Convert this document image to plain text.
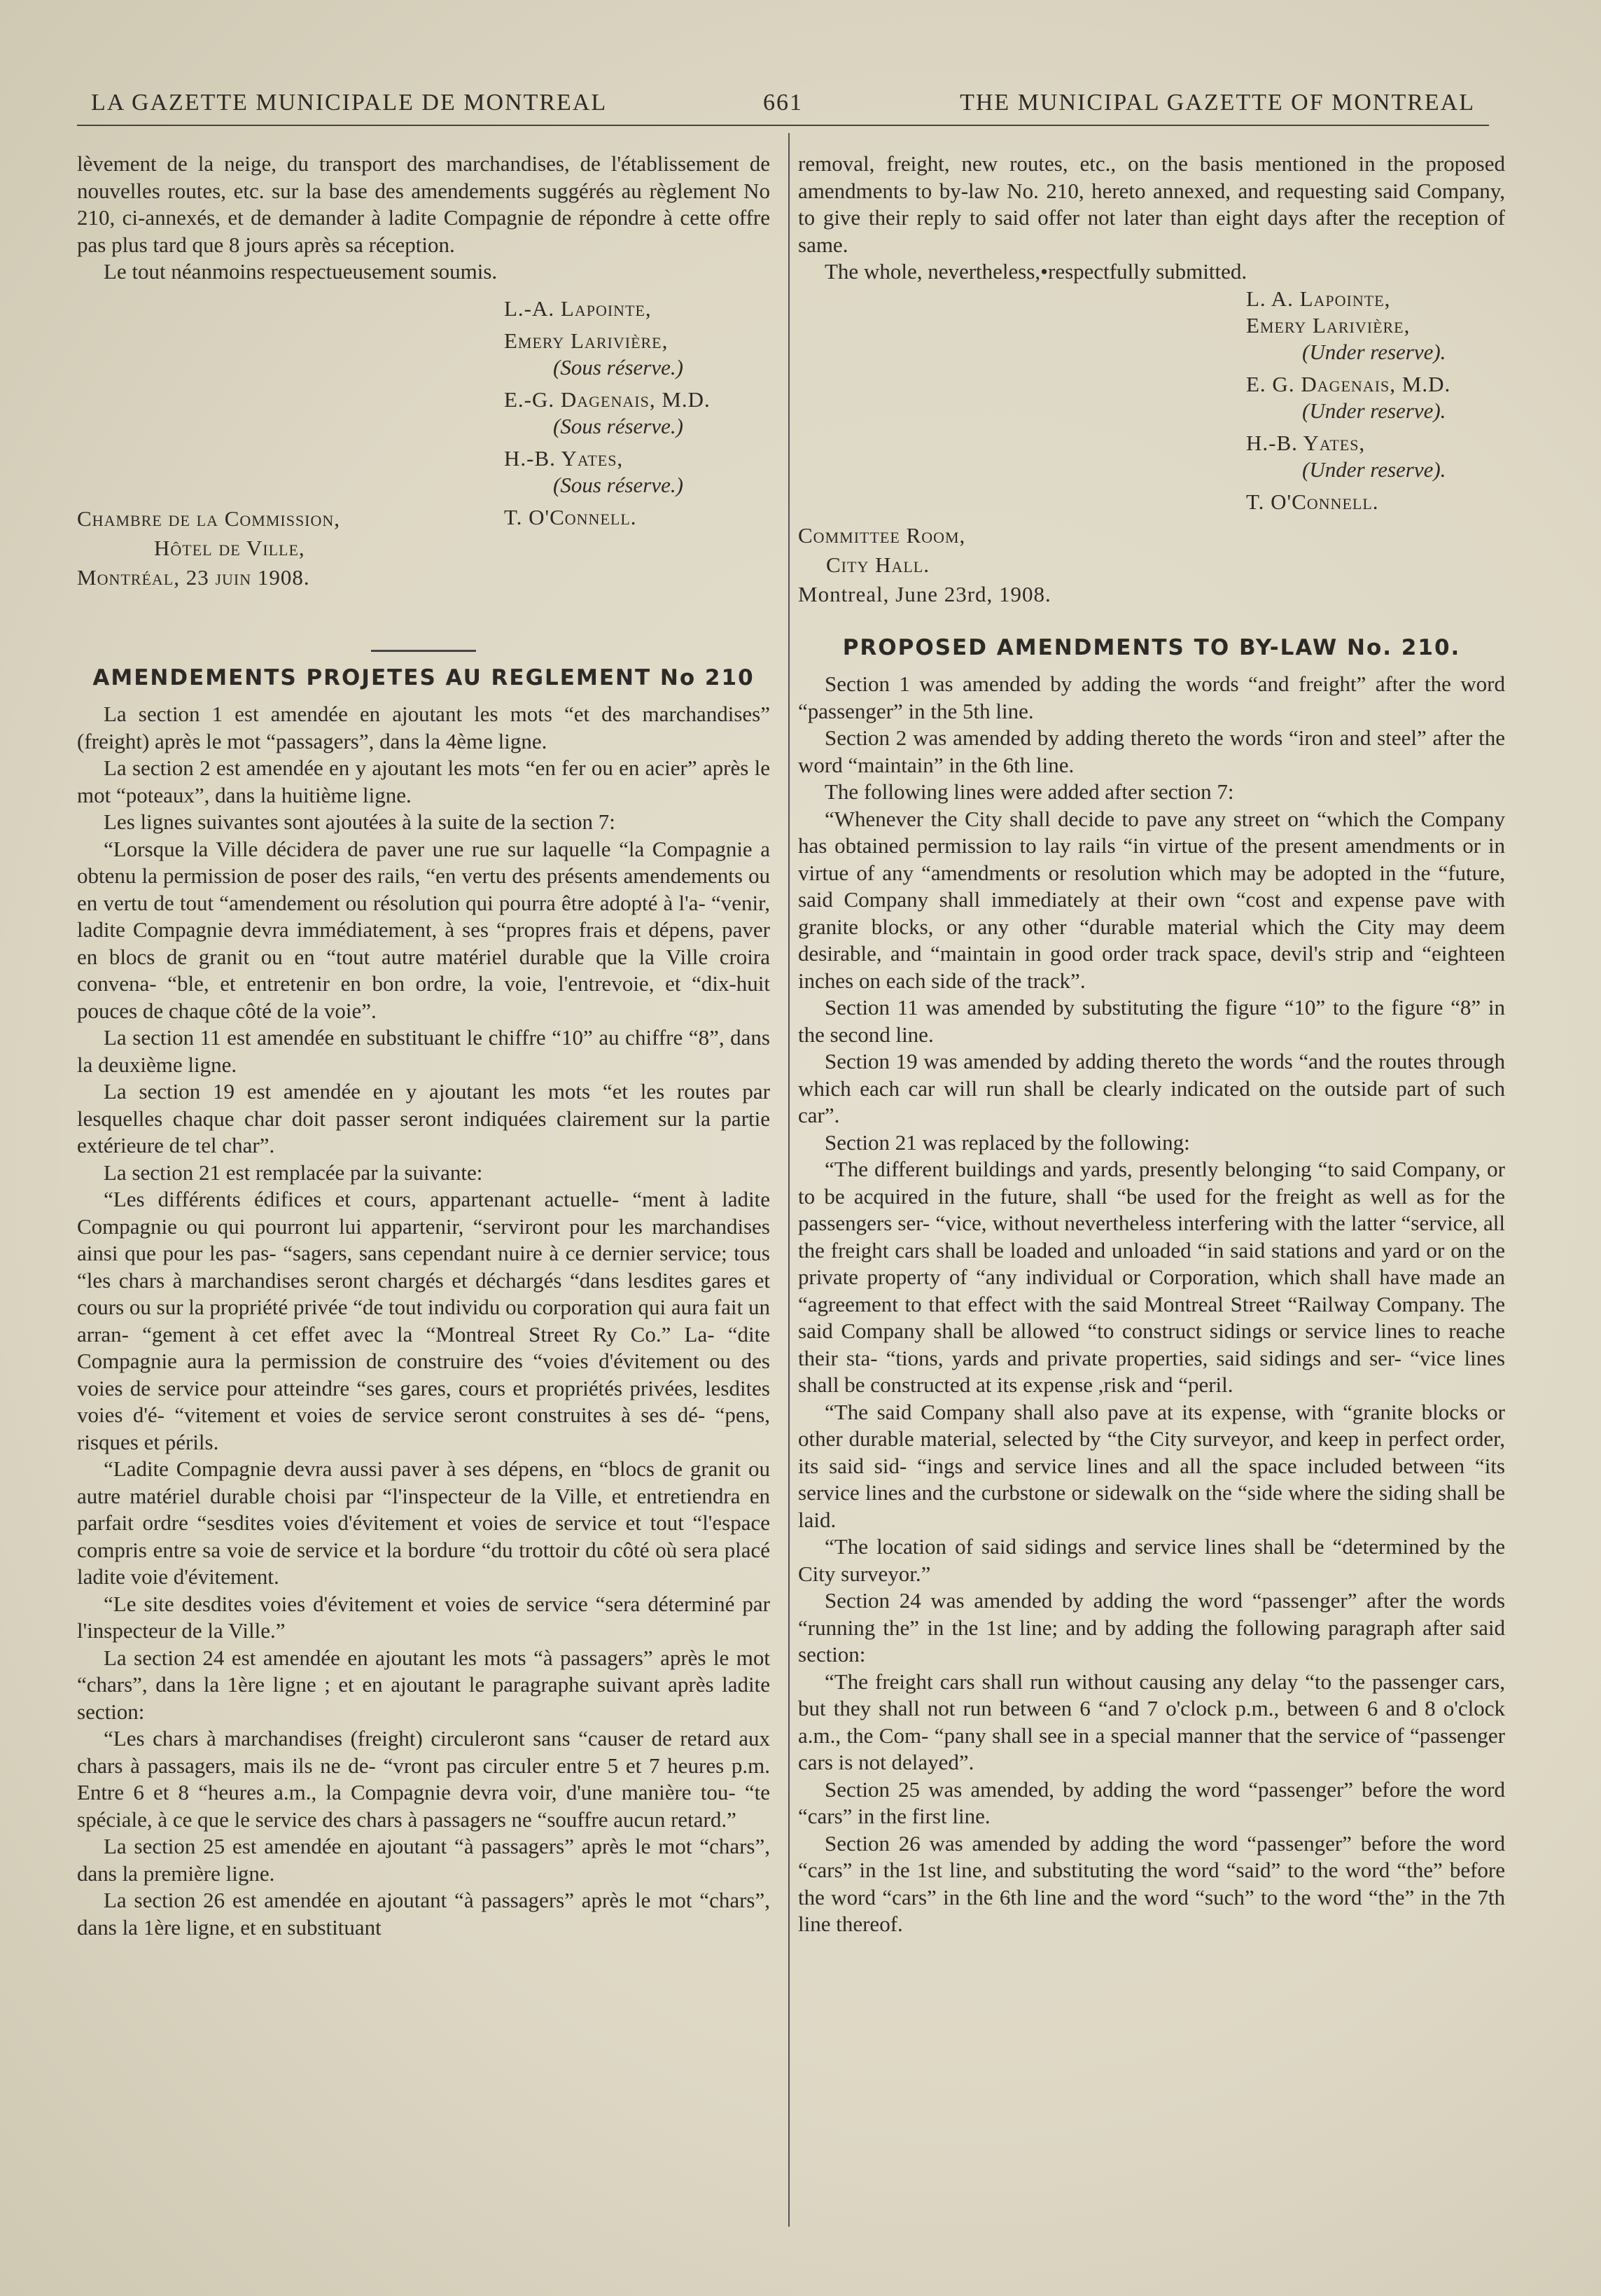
LA GAZETTE MUNICIPALE DE MONTREAL	661	THE MUNICIPAL GAZETTE OF MONTREAL

lèvement de la neige, du transport des marchandises, de l'établissement de nouvelles routes, etc. sur la base des amendements suggérés au règlement No 210, ci-annexés, et de demander à ladite Compagnie de répondre à cette offre pas plus tard que 8 jours après sa réception.

Le tout néanmoins respectueusement soumis.

L.-A. Lapointe,
Emery Larivière,
(Sous réserve.)
E.-G. Dagenais, M.D.
(Sous réserve.)
H.-B. Yates,
(Sous réserve.)
T. O'Connell.
Chambre de la Commission,
Hôtel de Ville,
Montréal, 23 juin 1908.
AMENDEMENTS PROJETES AU REGLEMENT No 210

La section 1 est amendée en ajoutant les mots “et des marchandises” (freight) après le mot “passagers”, dans la 4ème ligne.

La section 2 est amendée en y ajoutant les mots “en fer ou en acier” après le mot “poteaux”, dans la huitième ligne.

Les lignes suivantes sont ajoutées à la suite de la section 7:

“Lorsque la Ville décidera de paver une rue sur laquelle “la Compagnie a obtenu la permission de poser des rails, “en vertu des présents amendements ou en vertu de tout “amendement ou résolution qui pourra être adopté à l'a- “venir, ladite Compagnie devra immédiatement, à ses “propres frais et dépens, paver en blocs de granit ou en “tout autre matériel durable que la Ville croira convena- “ble, et entretenir en bon ordre, la voie, l'entrevoie, et “dix-huit pouces de chaque côté de la voie”.

La section 11 est amendée en substituant le chiffre “10” au chiffre “8”, dans la deuxième ligne.

La section 19 est amendée en y ajoutant les mots “et les routes par lesquelles chaque char doit passer seront indiquées clairement sur la partie extérieure de tel char”.

La section 21 est remplacée par la suivante:

“Les différents édifices et cours, appartenant actuelle- “ment à ladite Compagnie ou qui pourront lui appartenir, “serviront pour les marchandises ainsi que pour les pas- “sagers, sans cependant nuire à ce dernier service; tous “les chars à marchandises seront chargés et déchargés “dans lesdites gares et cours ou sur la propriété privée “de tout individu ou corporation qui aura fait un arran- “gement à cet effet avec la “Montreal Street Ry Co.” La- “dite Compagnie aura la permission de construire des “voies d'évitement ou des voies de service pour atteindre “ses gares, cours et propriétés privées, lesdites voies d'é- “vitement et voies de service seront construites à ses dé- “pens, risques et périls.

“Ladite Compagnie devra aussi paver à ses dépens, en “blocs de granit ou autre matériel durable choisi par “l'inspecteur de la Ville, et entretiendra en parfait ordre “sesdites voies d'évitement et voies de service et tout “l'espace compris entre sa voie de service et la bordure “du trottoir du côté où sera placé ladite voie d'évitement.

“Le site desdites voies d'évitement et voies de service “sera déterminé par l'inspecteur de la Ville.”

La section 24 est amendée en ajoutant les mots “à passagers” après le mot “chars”, dans la 1ère ligne ; et en ajoutant le paragraphe suivant après ladite section:

“Les chars à marchandises (freight) circuleront sans “causer de retard aux chars à passagers, mais ils ne de- “vront pas circuler entre 5 et 7 heures p.m. Entre 6 et 8 “heures a.m., la Compagnie devra voir, d'une manière tou- “te spéciale, à ce que le service des chars à passagers ne “souffre aucun retard.”

La section 25 est amendée en ajoutant “à passagers” après le mot “chars”, dans la première ligne.

La section 26 est amendée en ajoutant “à passagers” après le mot “chars”, dans la 1ère ligne, et en substituant

removal, freight, new routes, etc., on the basis mentioned in the proposed amendments to by-law No. 210, hereto annexed, and requesting said Company, to give their reply to said offer not later than eight days after the reception of same.

The whole, nevertheless,•respectfully submitted.

L. A. Lapointe,
Emery Larivière,
(Under reserve).
E. G. Dagenais, M.D.
(Under reserve).
H.-B. Yates,
(Under reserve).
T. O'Connell.
Committee Room,
City Hall.
Montreal, June 23rd, 1908.
PROPOSED AMENDMENTS TO BY-LAW No. 210.

Section 1 was amended by adding the words “and freight” after the word “passenger” in the 5th line.

Section 2 was amended by adding thereto the words “iron and steel” after the word “maintain” in the 6th line.

The following lines were added after section 7:

“Whenever the City shall decide to pave any street on “which the Company has obtained permission to lay rails “in virtue of the present amendments or in virtue of any “amendments or resolution which may be adopted in the “future, said Company shall immediately at their own “cost and expense pave with granite blocks, or any other “durable material which the City may deem desirable, and “maintain in good order track space, devil's strip and “eighteen inches on each side of the track”.

Section 11 was amended by substituting the figure “10” to the figure “8” in the second line.

Section 19 was amended by adding thereto the words “and the routes through which each car will run shall be clearly indicated on the outside part of such car”.

Section 21 was replaced by the following:

“The different buildings and yards, presently belonging “to said Company, or to be acquired in the future, shall “be used for the freight as well as for the passengers ser- “vice, without nevertheless interfering with the latter “service, all the freight cars shall be loaded and unloaded “in said stations and yard or on the private property of “any individual or Corporation, which shall have made an “agreement to that effect with the said Montreal Street “Railway Company. The said Company shall be allowed “to construct sidings or service lines to reache their sta- “tions, yards and private properties, said sidings and ser- “vice lines shall be constructed at its expense ,risk and “peril.

“The said Company shall also pave at its expense, with “granite blocks or other durable material, selected by “the City surveyor, and keep in perfect order, its said sid- “ings and service lines and all the space included between “its service lines and the curbstone or sidewalk on the “side where the siding shall be laid.

“The location of said sidings and service lines shall be “determined by the City surveyor.”

Section 24 was amended by adding the word “passenger” after the words “running the” in the 1st line; and by adding the following paragraph after said section:

“The freight cars shall run without causing any delay “to the passenger cars, but they shall not run between 6 “and 7 o'clock p.m., between 6 and 8 o'clock a.m., the Com- “pany shall see in a special manner that the service of “passenger cars is not delayed”.

Section 25 was amended, by adding the word “passenger” before the word “cars” in the first line.

Section 26 was amended by adding the word “passenger” before the word “cars” in the 1st line, and substituting the word “said” to the word “the” before the word “cars” in the 6th line and the word “such” to the word “the” in the 7th line thereof.
